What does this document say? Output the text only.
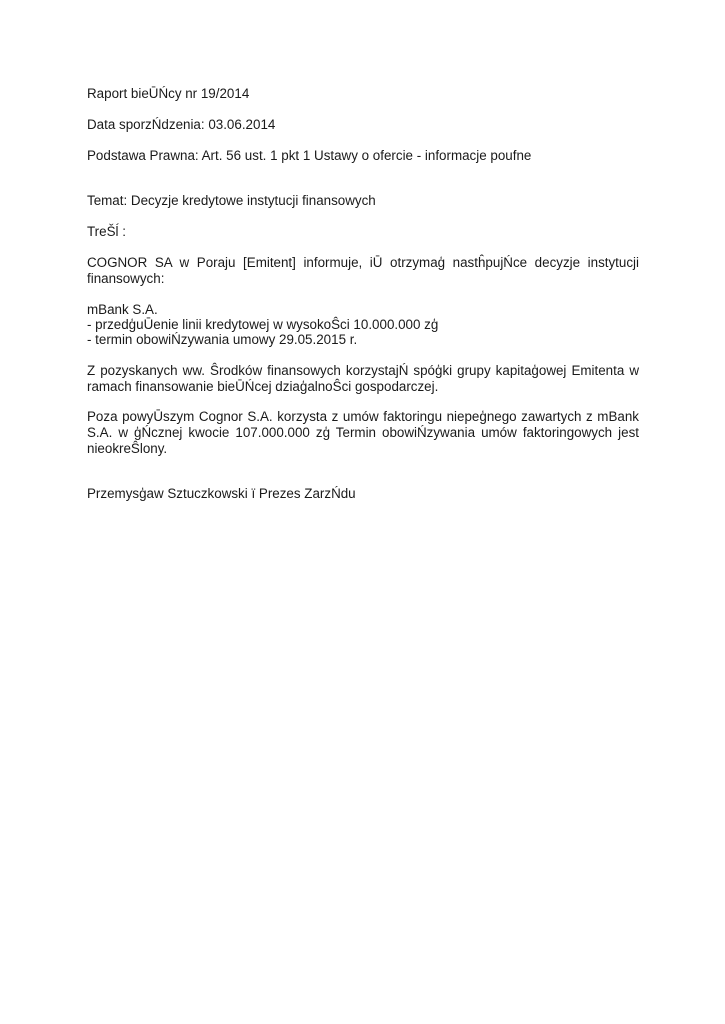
Raport bieŪŃcy nr 19/2014
Data sporzŃdzenia: 03.06.2014
Podstawa Prawna: Art. 56 ust. 1 pkt 1 Ustawy o ofercie - informacje poufne
Temat: Decyzje kredytowe instytucji finansowych
TreŠĺ :
COGNOR SA w Poraju [Emitent] informuje, iŪ otrzymaģ nastĥpujŃce decyzje instytucji finansowych:
mBank S.A.
- przedģuŪenie linii kredytowej w wysokoŜci 10.000.000 zģ
- termin obowiŃzywania umowy 29.05.2015 r.
Z pozyskanych ww. Ŝrodków finansowych korzystajŃ spóģki grupy kapitaģowej Emitenta w ramach finansowanie bieŪŃcej dziaģalnoŜci gospodarczej.
Poza powyŪszym Cognor S.A. korzysta z umów faktoringu niepeģnego zawartych z mBank S.A. w ģŃcznej kwocie 107.000.000 zģ Termin obowiŃzywania umów faktoringowych jest nieokreŜlony.
Przemysģaw Sztuczkowski ï Prezes ZarzŃdu
